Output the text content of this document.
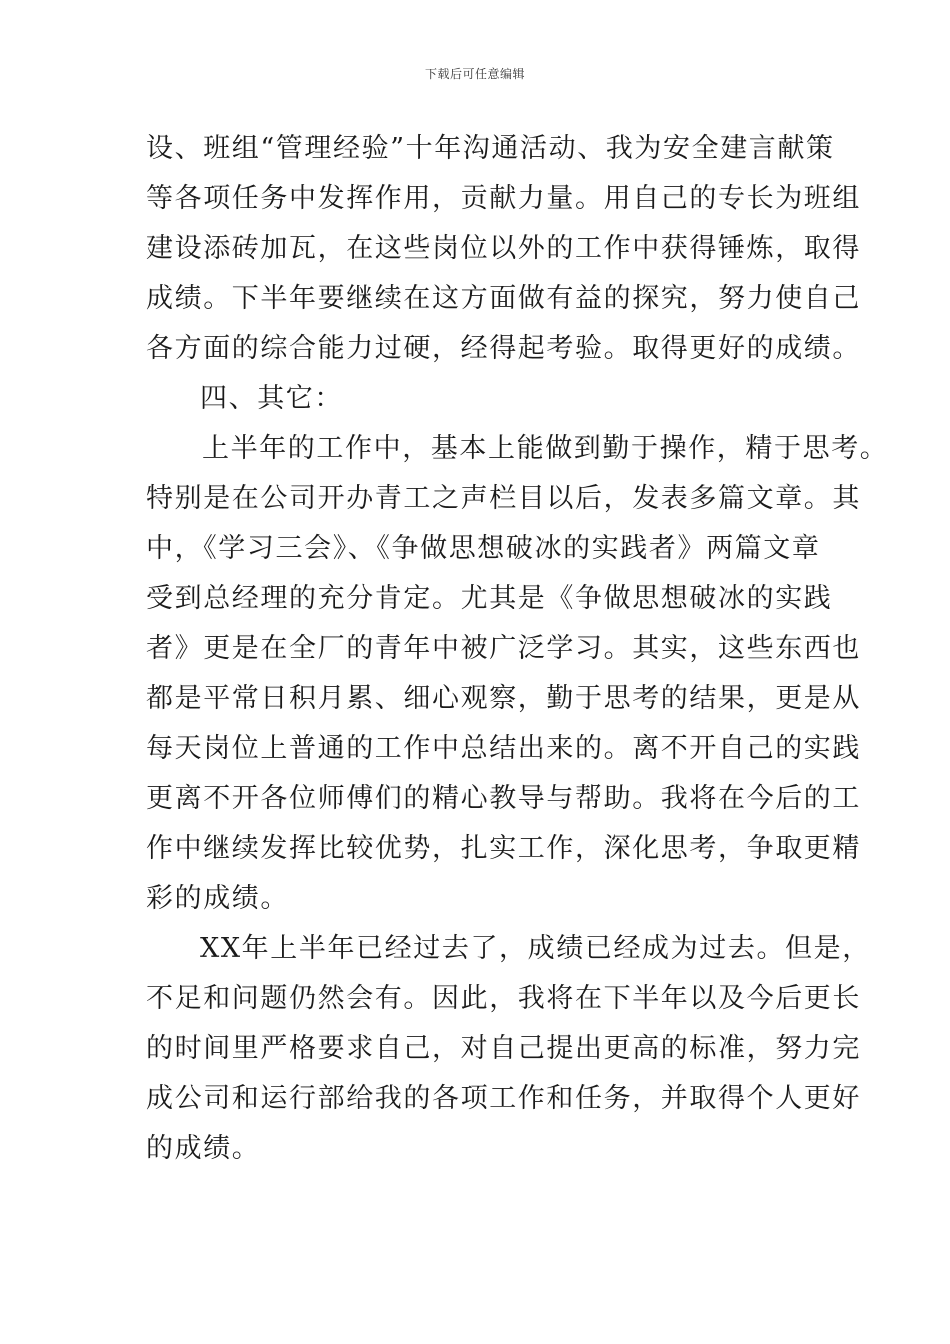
下载后可任意编辑
设、班组“管理经验”十年沟通活动、我为安全建言献策
等各项任务中发挥作用，贡献力量。用自己的专长为班组
建设添砖加瓦，在这些岗位以外的工作中获得锤炼，取得
成绩。下半年要继续在这方面做有益的探究，努力使自己
各方面的综合能力过硬，经得起考验。取得更好的成绩。
四、其它：
上半年的工作中，基本上能做到勤于操作，精于思考。
特别是在公司开办青工之声栏目以后，发表多篇文章。其
中，《学习三会》、《争做思想破冰的实践者》两篇文章
受到总经理的充分肯定。尤其是《争做思想破冰的实践
者》更是在全厂的青年中被广泛学习。其实，这些东西也
都是平常日积月累、细心观察，勤于思考的结果，更是从
每天岗位上普通的工作中总结出来的。离不开自己的实践
更离不开各位师傅们的精心教导与帮助。我将在今后的工
作中继续发挥比较优势，扎实工作，深化思考，争取更精
彩的成绩。
XX年上半年已经过去了，成绩已经成为过去。但是，
不足和问题仍然会有。因此，我将在下半年以及今后更长
的时间里严格要求自己，对自己提出更高的标准，努力完
成公司和运行部给我的各项工作和任务，并取得个人更好
的成绩。
